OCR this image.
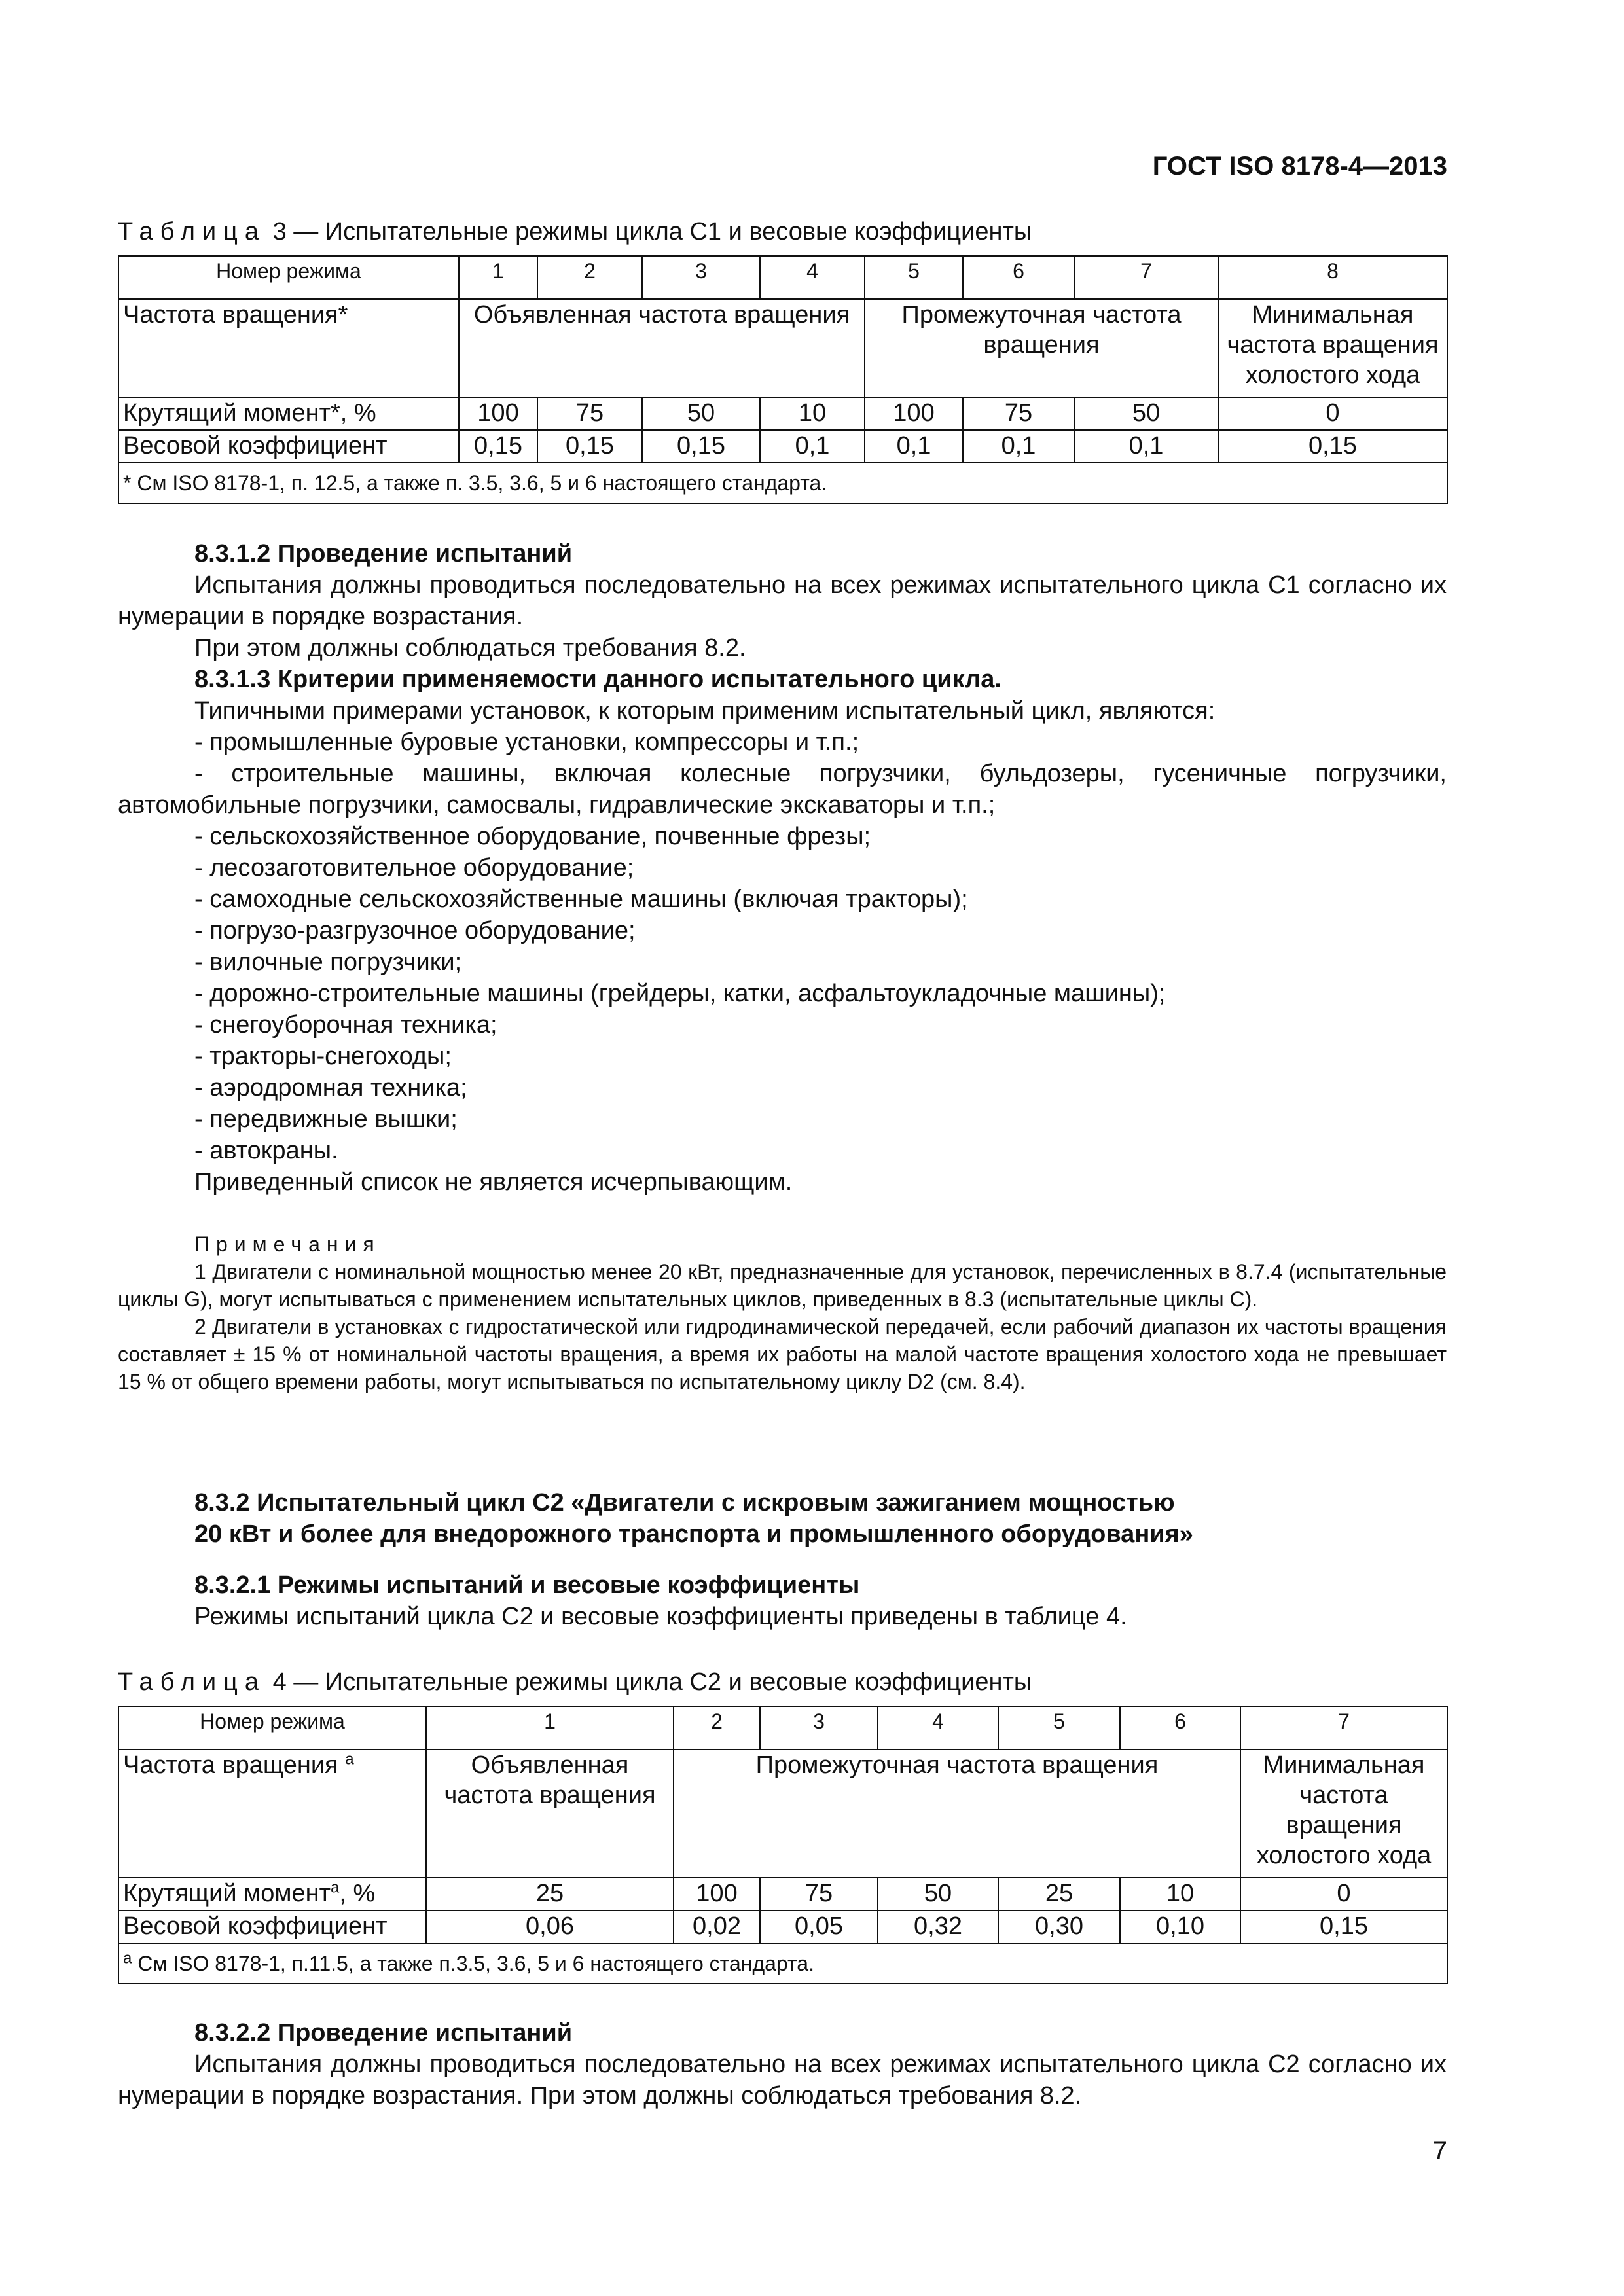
ГОСТ ISO 8178-4—2013
Таблица 3 — Испытательные режимы цикла C1 и весовые коэффициенты
Номер режима	1	2	3	4	5	6	7	8
Частота вращения*	Объявленная частота вращения				Промежуточная частота вращения			Минимальная частота вращения холостого хода
Крутящий момент*, %	100	75	50	10	100	75	50	0
Весовой коэффициент	0,15	0,15	0,15	0,1	0,1	0,1	0,1	0,15
* См ISO 8178-1, п. 12.5, а также п. 3.5, 3.6, 5 и 6 настоящего стандарта.								

8.3.1.2 Проведение испытаний

Испытания должны проводиться последовательно на всех режимах испытательного цикла C1 согласно их нумерации в порядке возрастания.

При этом должны соблюдаться требования 8.2.

8.3.1.3 Критерии применяемости данного испытательного цикла.

Типичными примерами установок, к которым применим испытательный цикл, являются:

- промышленные буровые установки, компрессоры и т.п.;

- строительные машины, включая колесные погрузчики, бульдозеры, гусеничные погрузчики, автомобильные погрузчики, самосвалы, гидравлические экскаваторы и т.п.;

- сельскохозяйственное оборудование, почвенные фрезы;

- лесозаготовительное оборудование;

- самоходные сельскохозяйственные машины (включая тракторы);

- погрузо-разгрузочное оборудование;

- вилочные погрузчики;

- дорожно-строительные машины (грейдеры, катки, асфальтоукладочные машины);

- снегоуборочная техника;

- тракторы-снегоходы;

- аэродромная техника;

- передвижные вышки;

- автокраны.

Приведенный список не является исчерпывающим.

Примечания

1 Двигатели с номинальной мощностью менее 20 кВт, предназначенные для установок, перечисленных в 8.7.4 (испытательные циклы G), могут испытываться с применением испытательных циклов, приведенных в 8.3 (испытательные циклы C).

2 Двигатели в установках с гидростатической или гидродинамической передачей, если рабочий диапазон их частоты вращения составляет ± 15 % от номинальной частоты вращения, а время их работы на малой частоте вращения холостого хода не превышает 15 % от общего времени работы, могут испытываться по испытательному циклу D2 (см. 8.4).

8.3.2 Испытательный цикл C2 «Двигатели с искровым зажиганием мощностью

20 кВт и более для внедорожного транспорта и промышленного оборудования»

8.3.2.1 Режимы испытаний и весовые коэффициенты

Режимы испытаний цикла C2 и весовые коэффициенты приведены в таблице 4.

Таблица 4 — Испытательные режимы цикла C2 и весовые коэффициенты
Номер режима	1	2	3	4	5	6	7
Частота вращения $^a$	Объявленная частота вращения	Промежуточная частота вращения					Минимальная частота вращения холостого хода
Крутящий момент$^a$, %	25	100	75	50	25	10	0
Весовой коэффициент	0,06	0,02	0,05	0,32	0,30	0,10	0,15
$^a$ См ISO 8178-1, п.11.5, а также п.3.5, 3.6, 5 и 6 настоящего стандарта.							

8.3.2.2 Проведение испытаний

Испытания должны проводиться последовательно на всех режимах испытательного цикла C2 согласно их нумерации в порядке возрастания. При этом должны соблюдаться требования 8.2.

7
